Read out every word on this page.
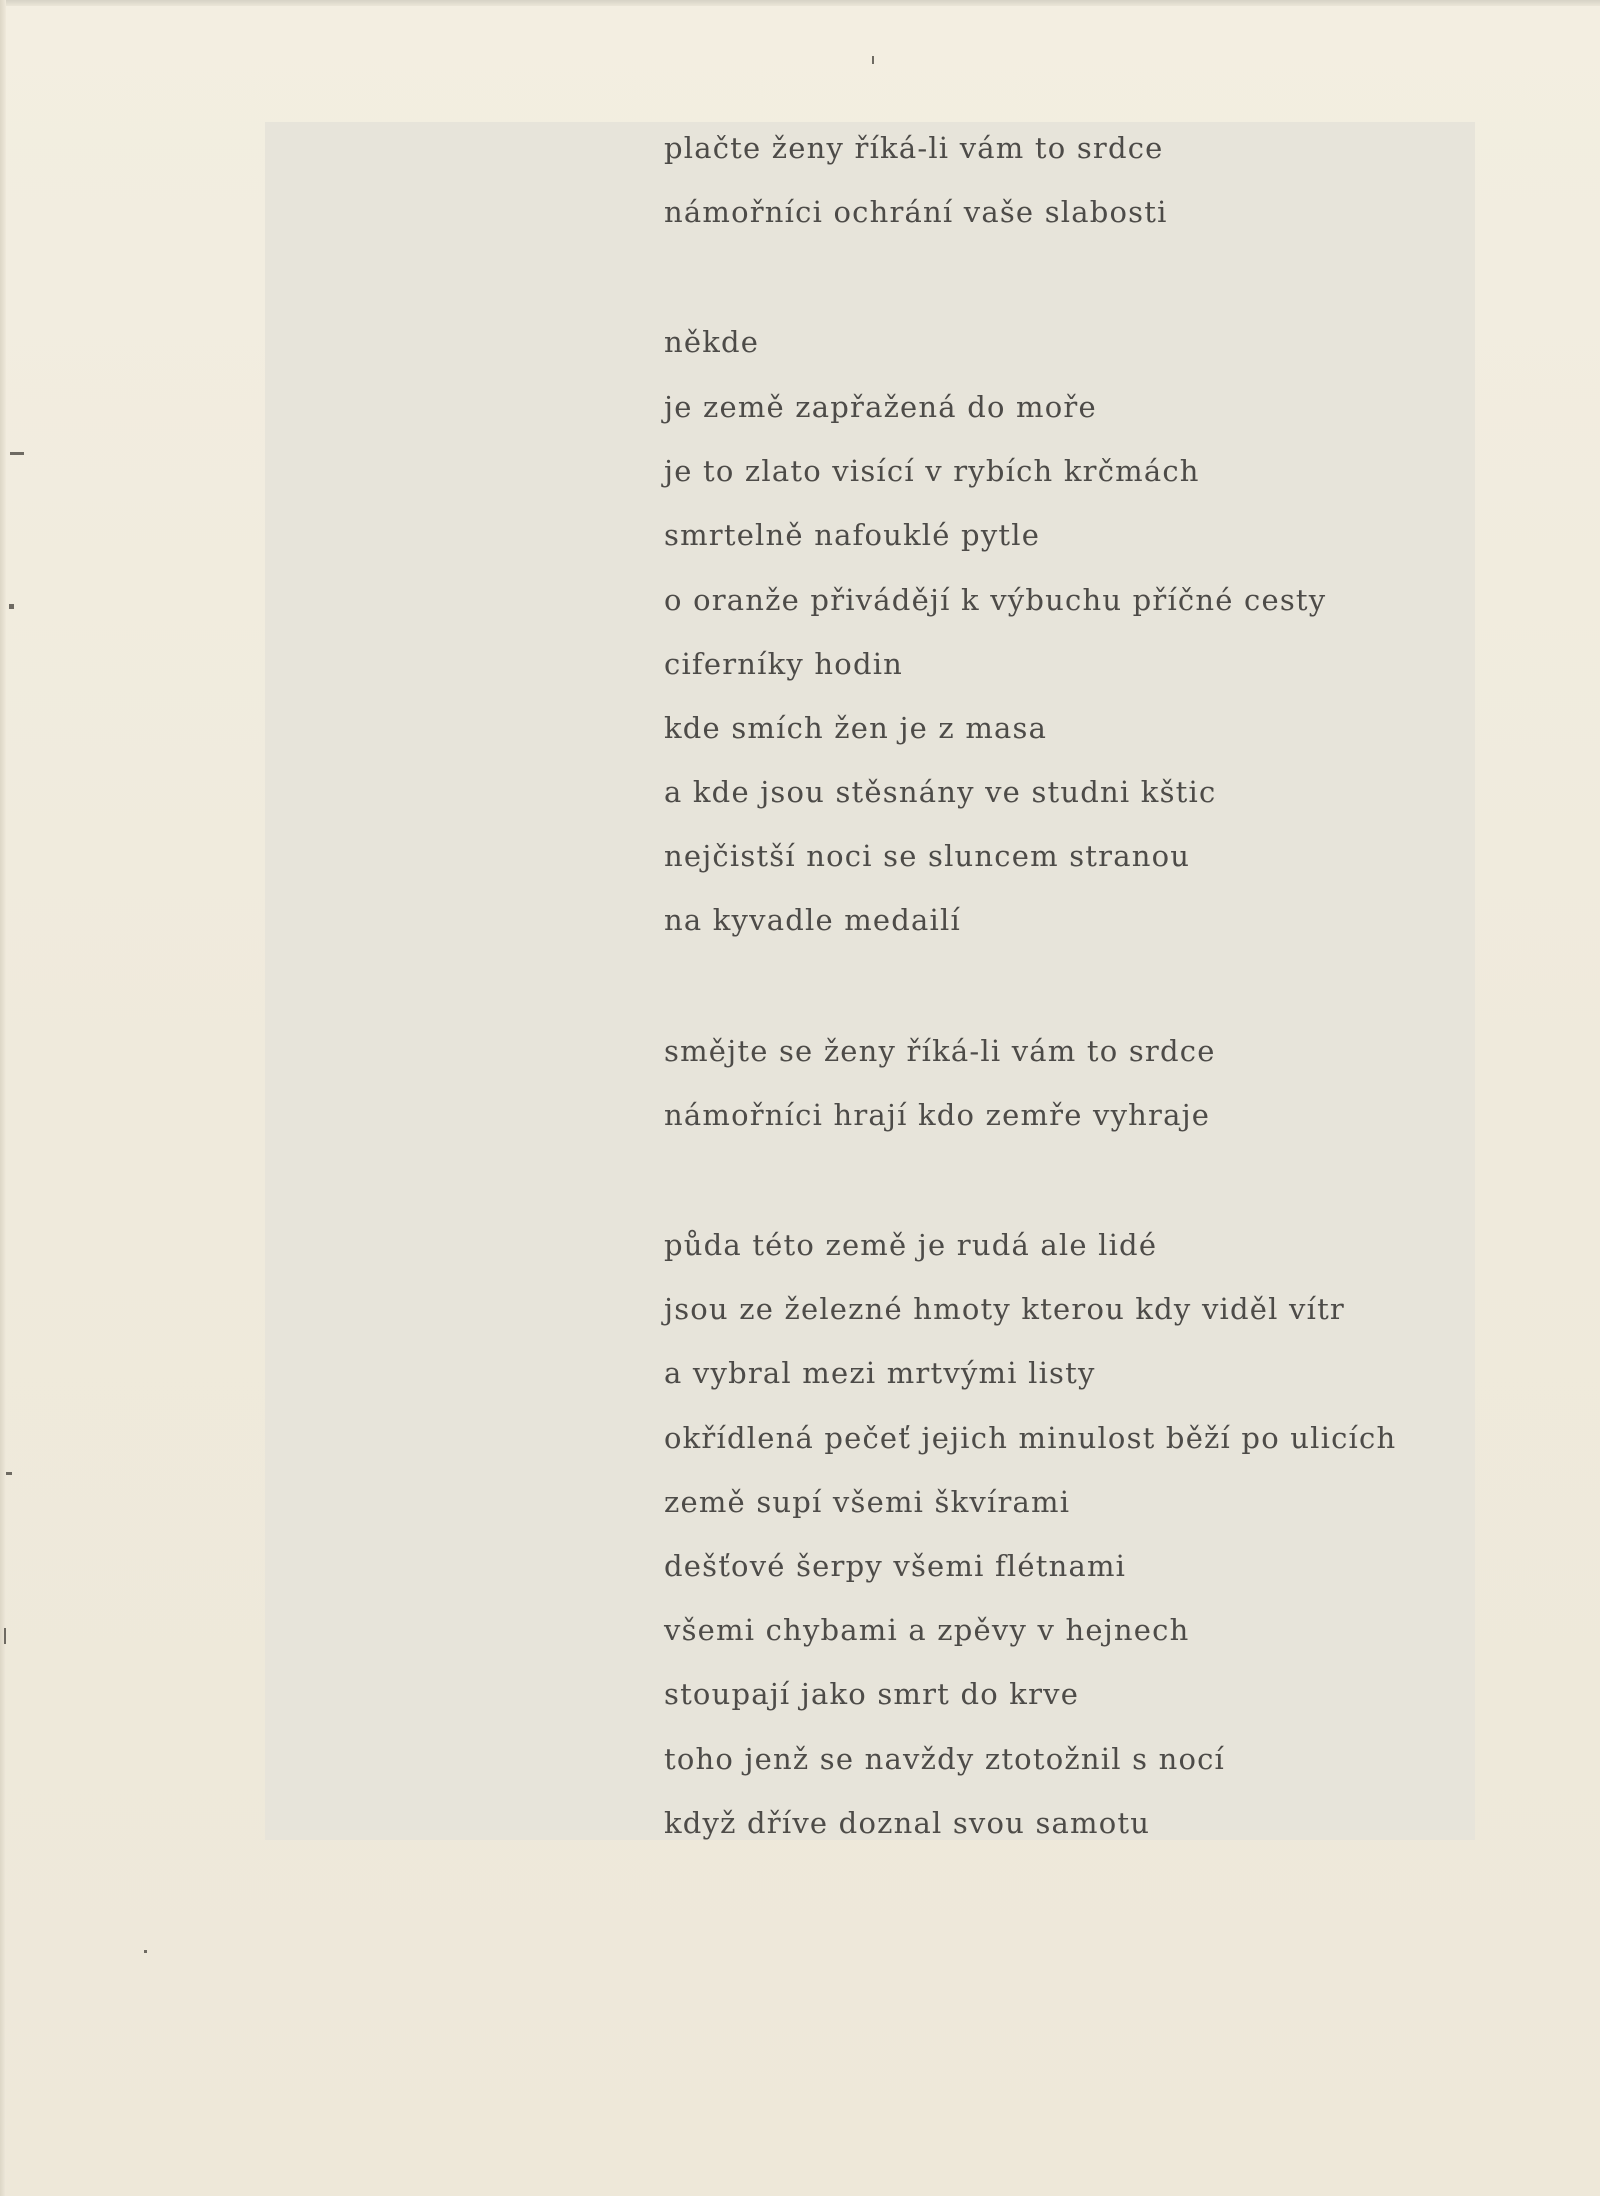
plačte ženy říká-li vám to srdce
námořníci ochrání vaše slabosti
někde
je země zapřažená do moře
je to zlato visící v rybích krčmách
smrtelně nafouklé pytle
o oranže přivádějí k výbuchu příčné cesty
ciferníky hodin
kde smích žen je z masa
a kde jsou stěsnány ve studni kštic
nejčistší noci se sluncem stranou
na kyvadle medailí
smějte se ženy říká-li vám to srdce
námořníci hrají kdo zemře vyhraje
půda této země je rudá ale lidé
jsou ze železné hmoty kterou kdy viděl vítr
a vybral mezi mrtvými listy
okřídlená pečeť jejich minulost běží po ulicích
země supí všemi škvírami
dešťové šerpy všemi flétnami
všemi chybami a zpěvy v hejnech
stoupají jako smrt do krve
toho jenž se navždy ztotožnil s nocí
když dříve doznal svou samotu
